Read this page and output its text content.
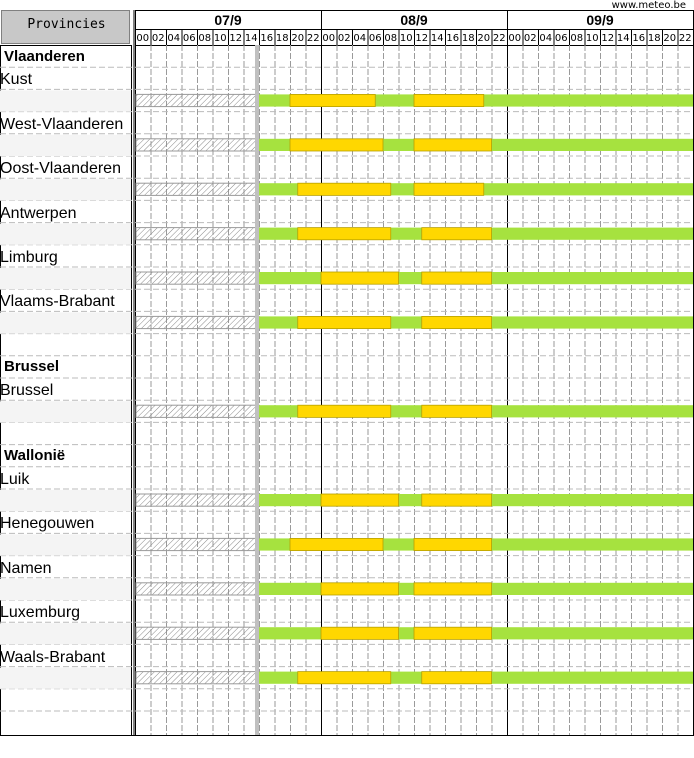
www.meteo.be
Provincies
Vlaanderen
Kust
West-Vlaanderen
Oost-Vlaanderen
Antwerpen
Limburg
Vlaams-Brabant
Brussel
Brussel
Wallonië
Luik
Henegouwen
Namen
Luxemburg
Waals-Brabant
07/9
00 02 04 06 08 10 12 14 16 18 20 22
08/9
00 02 04 06 08 10 12 14 16 18 20 22
09/9
00 02 04 06 08 10 12 14 16 18 20 22
